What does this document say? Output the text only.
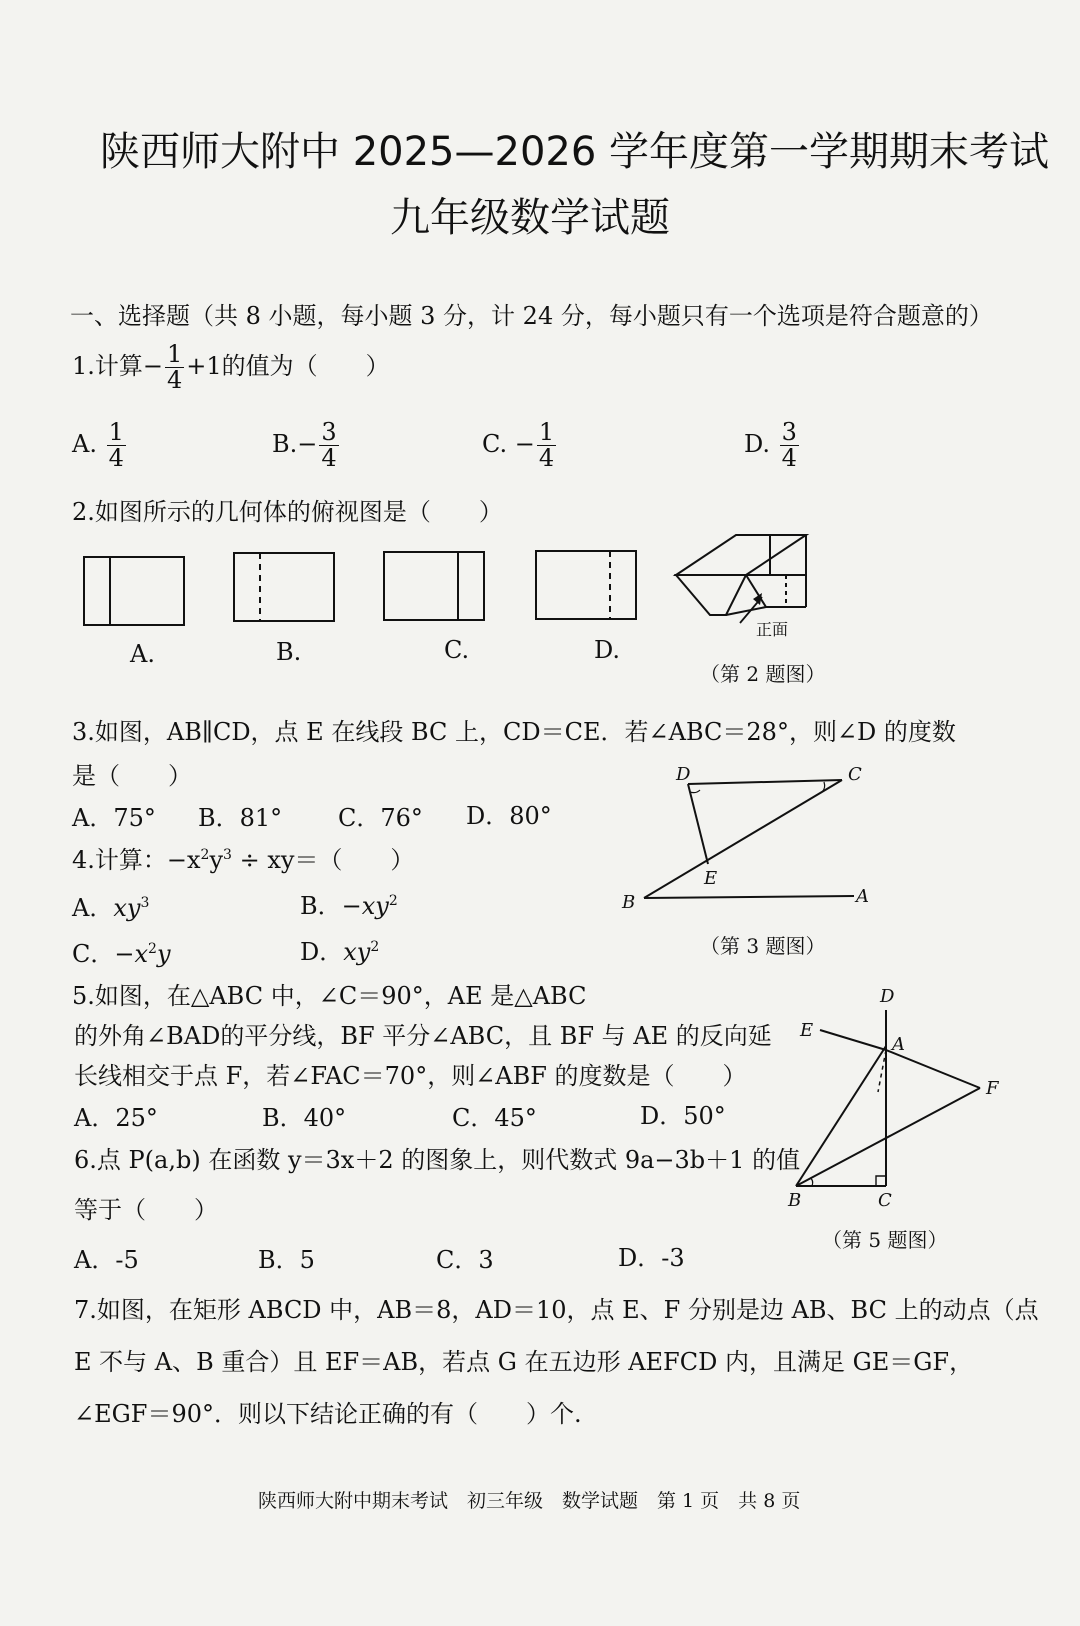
陕西师大附中 2025—2026 学年度第一学期期末考试
九年级数学试题
一、选择题（共 8 小题，每小题 3 分，计 24 分，每小题只有一个选项是符合题意的）
1.计算− $\frac{1}{4} +1$的值为（　　）
A. $\frac{1}{4}$	$B.- \frac{3}{4}$	C. − $\frac{1}{4}$	D. $\frac{3}{4}$
2.如图所示的几何体的俯视图是（　　）
正面
A.	B.	C.	D.
（第 2 题图）
3.如图，AB∥CD，点 E 在线段 BC 上，CD＝CE．若∠ABC＝28°，则∠D 的度数
是（　　）
A．75° B．81° C．76° D．80°
D	C
E
B	A
（第 3 题图）
4.计算：$-x^2y^3 \div xy=$（　　）
A．$xy^3$	B．$-xy^2$
C．$-x^2y$	D．$xy^2$
5.如图，在△ABC 中，∠C＝90°，AE 是△ABC
的外角∠BAD的平分线，BF 平分∠ABC，且 BF 与 AE 的反向延
长线相交于点 F，若∠FAC＝70°，则∠ABF 的度数是（　　）
A．25°	B．40°	C．45°	D．50°
D
E
A
F
B	C
（第 5 题图）
6.点 P(a,b) 在函数 y＝3x＋2 的图象上，则代数式 9a−3b＋1 的值
等于（　　）
A．-5	B．5	C．3	D．-3
7.如图，在矩形 ABCD 中，AB＝8，AD＝10，点 E、F 分别是边 AB、BC 上的动点（点
E 不与 A、B 重合）且 EF＝AB，若点 G 在五边形 AEFCD 内，且满足 GE＝GF，
∠EGF＝90°．则以下结论正确的有（　　）个.
陕西师大附中期末考试　初三年级　数学试题　第 1 页　共 8 页
